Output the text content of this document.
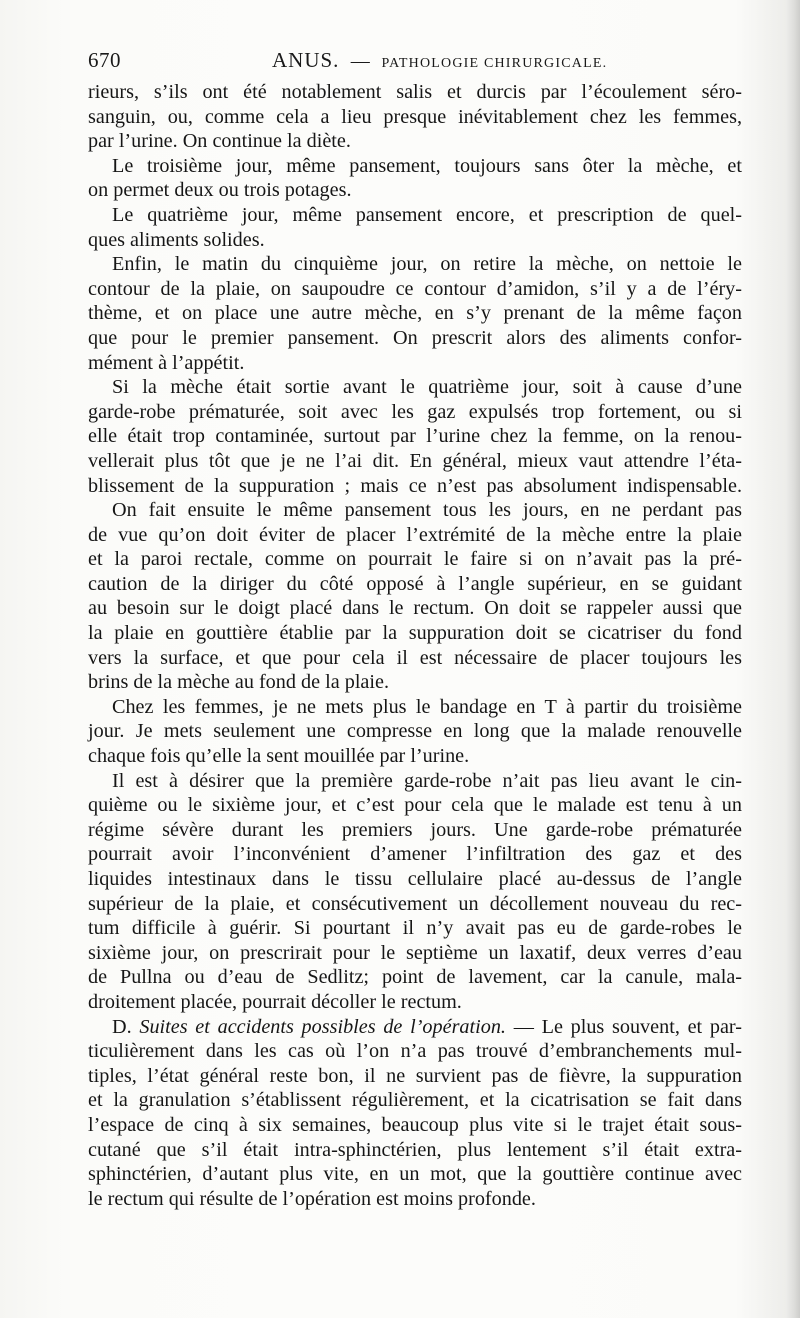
670	ANUS. — PATHOLOGIE CHIRURGICALE.
rieurs, s’ils ont été notablement salis et durcis par l’écoulement séro-
sanguin, ou, comme cela a lieu presque inévitablement chez les femmes,
par l’urine. On continue la diète.
Le troisième jour, même pansement, toujours sans ôter la mèche, et
on permet deux ou trois potages.
Le quatrième jour, même pansement encore, et prescription de quel-
ques aliments solides.
Enfin, le matin du cinquième jour, on retire la mèche, on nettoie le
contour de la plaie, on saupoudre ce contour d’amidon, s’il y a de l’éry-
thème, et on place une autre mèche, en s’y prenant de la même façon
que pour le premier pansement. On prescrit alors des aliments confor-
mément à l’appétit.
Si la mèche était sortie avant le quatrième jour, soit à cause d’une
garde-robe prématurée, soit avec les gaz expulsés trop fortement, ou si
elle était trop contaminée, surtout par l’urine chez la femme, on la renou-
vellerait plus tôt que je ne l’ai dit. En général, mieux vaut attendre l’éta-
blissement de la suppuration ; mais ce n’est pas absolument indispensable.
On fait ensuite le même pansement tous les jours, en ne perdant pas
de vue qu’on doit éviter de placer l’extrémité de la mèche entre la plaie
et la paroi rectale, comme on pourrait le faire si on n’avait pas la pré-
caution de la diriger du côté opposé à l’angle supérieur, en se guidant
au besoin sur le doigt placé dans le rectum. On doit se rappeler aussi que
la plaie en gouttière établie par la suppuration doit se cicatriser du fond
vers la surface, et que pour cela il est nécessaire de placer toujours les
brins de la mèche au fond de la plaie.
Chez les femmes, je ne mets plus le bandage en T à partir du troisième
jour. Je mets seulement une compresse en long que la malade renouvelle
chaque fois qu’elle la sent mouillée par l’urine.
Il est à désirer que la première garde-robe n’ait pas lieu avant le cin-
quième ou le sixième jour, et c’est pour cela que le malade est tenu à un
régime sévère durant les premiers jours. Une garde-robe prématurée
pourrait avoir l’inconvénient d’amener l’infiltration des gaz et des
liquides intestinaux dans le tissu cellulaire placé au-dessus de l’angle
supérieur de la plaie, et consécutivement un décollement nouveau du rec-
tum difficile à guérir. Si pourtant il n’y avait pas eu de garde-robes le
sixième jour, on prescrirait pour le septième un laxatif, deux verres d’eau
de Pullna ou d’eau de Sedlitz; point de lavement, car la canule, mala-
droitement placée, pourrait décoller le rectum.
D. Suites et accidents possibles de l’opération. — Le plus souvent, et par-
ticulièrement dans les cas où l’on n’a pas trouvé d’embranchements mul-
tiples, l’état général reste bon, il ne survient pas de fièvre, la suppuration
et la granulation s’établissent régulièrement, et la cicatrisation se fait dans
l’espace de cinq à six semaines, beaucoup plus vite si le trajet était sous-
cutané que s’il était intra-sphinctérien, plus lentement s’il était extra-
sphinctérien, d’autant plus vite, en un mot, que la gouttière continue avec
le rectum qui résulte de l’opération est moins profonde.
